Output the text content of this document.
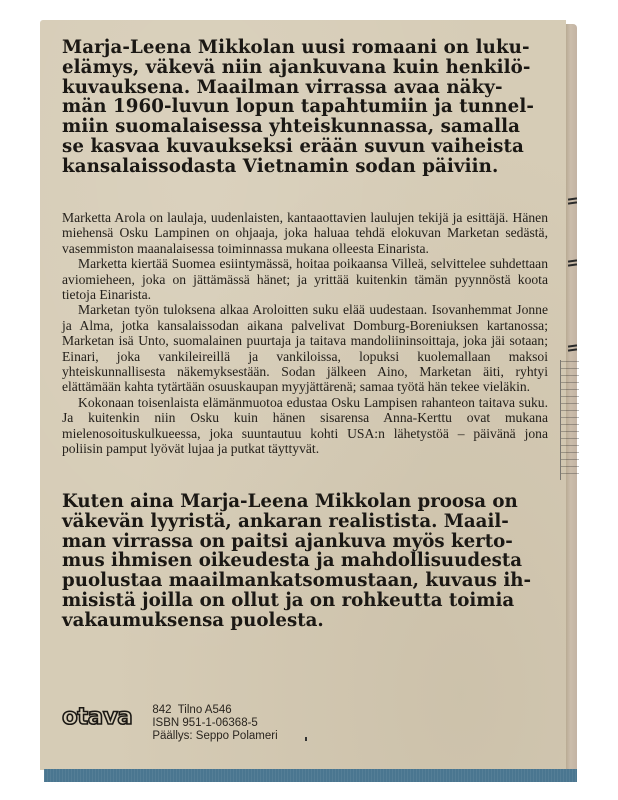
Marja-Leena Mikkolan uusi romaani on luku-
elämys, väkevä niin ajankuvana kuin henkilö-
kuvauksena. Maailman virrassa avaa näky-
män 1960-luvun lopun tapahtumiin ja tunnel-
miin suomalaisessa yhteiskunnassa, samalla
se kasvaa kuvaukseksi erään suvun vaiheista
kansalaissodasta Vietnamin sodan päiviin.

Marketta Arola on laulaja, uudenlaisten, kantaaottavien laulujen tekijä ja esittäjä. Hänen miehensä Osku Lampinen on ohjaaja, joka haluaa tehdä elokuvan Marketan sedästä, vasemmiston maanalaisessa toiminnassa mukana olleesta Einarista.

Marketta kiertää Suomea esiintymässä, hoitaa poikaansa Villeä, selvittelee suhdettaan aviomieheen, joka on jättämässä hänet; ja yrittää kuitenkin tämän pyynnöstä koota tietoja Einarista.

Marketan työn tuloksena alkaa Aroloitten suku elää uudestaan. Isovanhemmat Jonne ja Alma, jotka kansalaissodan aikana palvelivat Domburg-Boreniuksen kartanossa; Marketan isä Unto, suomalainen puurtaja ja taitava mandoliininsoittaja, joka jäi sotaan; Einari, joka vankileireillä ja vankiloissa, lopuksi kuolemallaan maksoi yhteiskunnallisesta näkemyksestään. Sodan jälkeen Aino, Marketan äiti, ryhtyi elättämään kahta tytärtään osuuskaupan myyjättärenä; samaa työtä hän tekee vieläkin.

Kokonaan toisenlaista elämänmuotoa edustaa Osku Lampisen rahanteon taitava suku. Ja kuitenkin niin Osku kuin hänen sisarensa Anna-Kerttu ovat mukana mielenosoituskulkueessa, joka suuntautuu kohti USA:n lähetystöä – päivänä jona poliisin pamput lyövät lujaa ja putkat täyttyvät.

Kuten aina Marja-Leena Mikkolan proosa on
väkevän lyyristä, ankaran realistista. Maail-
man virrassa on paitsi ajankuva myös kerto-
mus ihmisen oikeudesta ja mahdollisuudesta
puolustaa maailmankatsomustaan, kuvaus ih-
misistä joilla on ollut ja on rohkeutta toimia
vakaumuksensa puolesta.
otava 842  Tilno A546
ISBN 951-1-06368-5
Päällys: Seppo Polameri
